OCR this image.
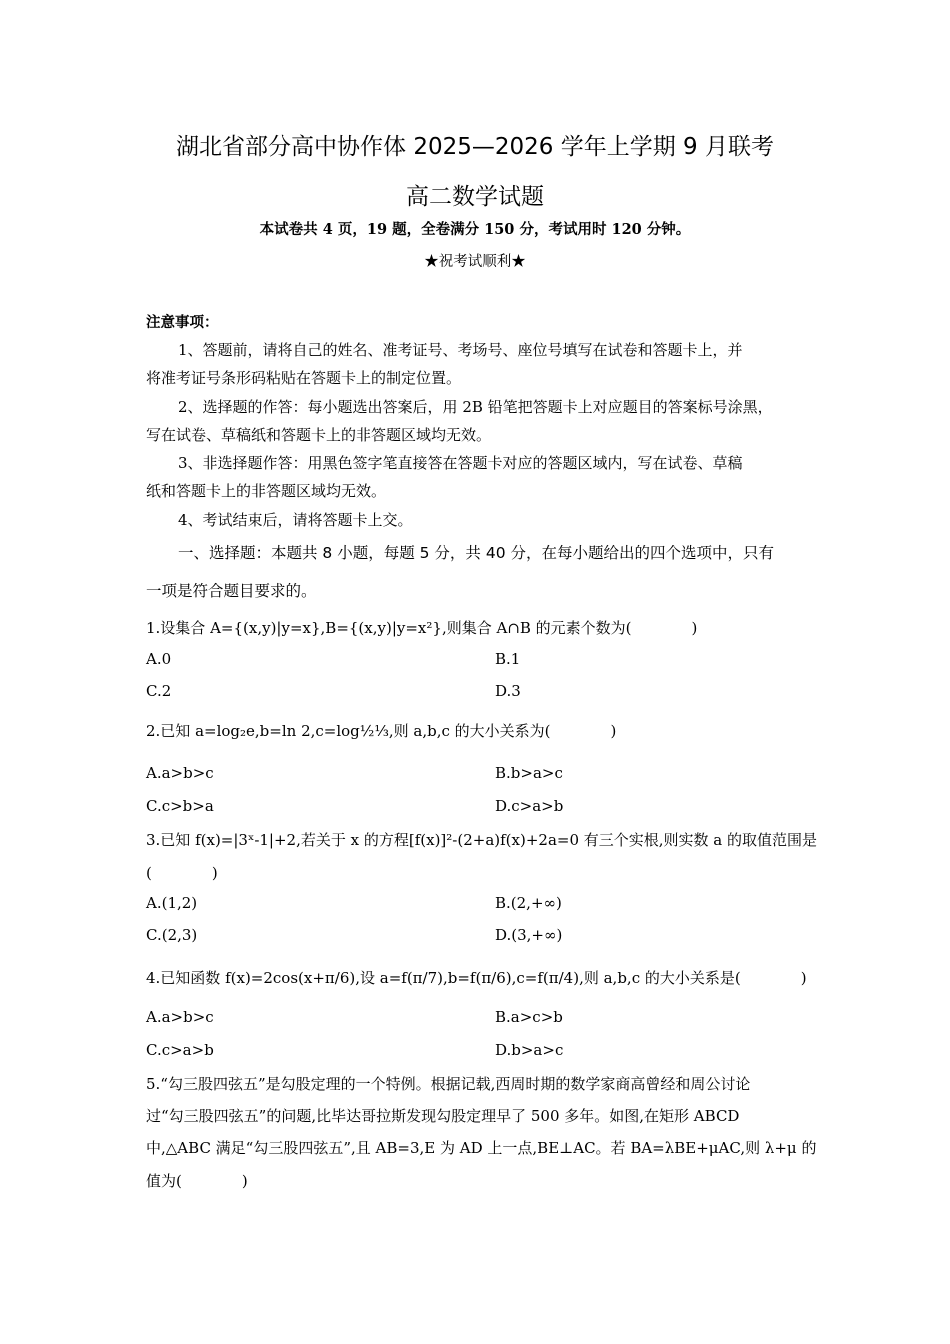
湖北省部分高中协作体 2025—2026 学年上学期 9 月联考
高二数学试题
本试卷共 4 页，19 题，全卷满分 150 分，考试用时 120 分钟。
★祝考试顺利★
注意事项：
1、答题前，请将自己的姓名、准考证号、考场号、座位号填写在试卷和答题卡上，并
将准考证号条形码粘贴在答题卡上的制定位置。
2、选择题的作答：每小题选出答案后，用 2B 铅笔把答题卡上对应题目的答案标号涂黑，
写在试卷、草稿纸和答题卡上的非答题区域均无效。
3、非选择题作答：用黑色签字笔直接答在答题卡对应的答题区域内，写在试卷、草稿
纸和答题卡上的非答题区域均无效。
4、考试结束后，请将答题卡上交。
一、选择题：本题共 8 小题，每题 5 分，共 40 分，在每小题给出的四个选项中，只有
一项是符合题目要求的。
1.设集合 A={(x,y)|y=x},B={(x,y)|y=x²},则集合 A∩B 的元素个数为(　　　　)
A.0	B.1
C.2	D.3
2.已知 a=log₂e,b=ln 2,c=log½⅓,则 a,b,c 的大小关系为(　　　　)
A.a>b>c	B.b>a>c
C.c>b>a	D.c>a>b
3.已知 f(x)=|3ˣ-1|+2,若关于 x 的方程[f(x)]²-(2+a)f(x)+2a=0 有三个实根,则实数 a 的取值范围是
(　　　　)
A.(1,2)	B.(2,+∞)
C.(2,3)	D.(3,+∞)
4.已知函数 f(x)=2cos(x+π/6),设 a=f(π/7),b=f(π/6),c=f(π/4),则 a,b,c 的大小关系是(　　　　)
A.a>b>c	B.a>c>b
C.c>a>b	D.b>a>c
5.“勾三股四弦五”是勾股定理的一个特例。根据记载,西周时期的数学家商高曾经和周公讨论
过“勾三股四弦五”的问题,比毕达哥拉斯发现勾股定理早了 500 多年。如图,在矩形 ABCD
中,△ABC 满足“勾三股四弦五”,且 AB=3,E 为 AD 上一点,BE⊥AC。若 BA=λBE+μAC,则 λ+μ 的
值为(　　　　)
